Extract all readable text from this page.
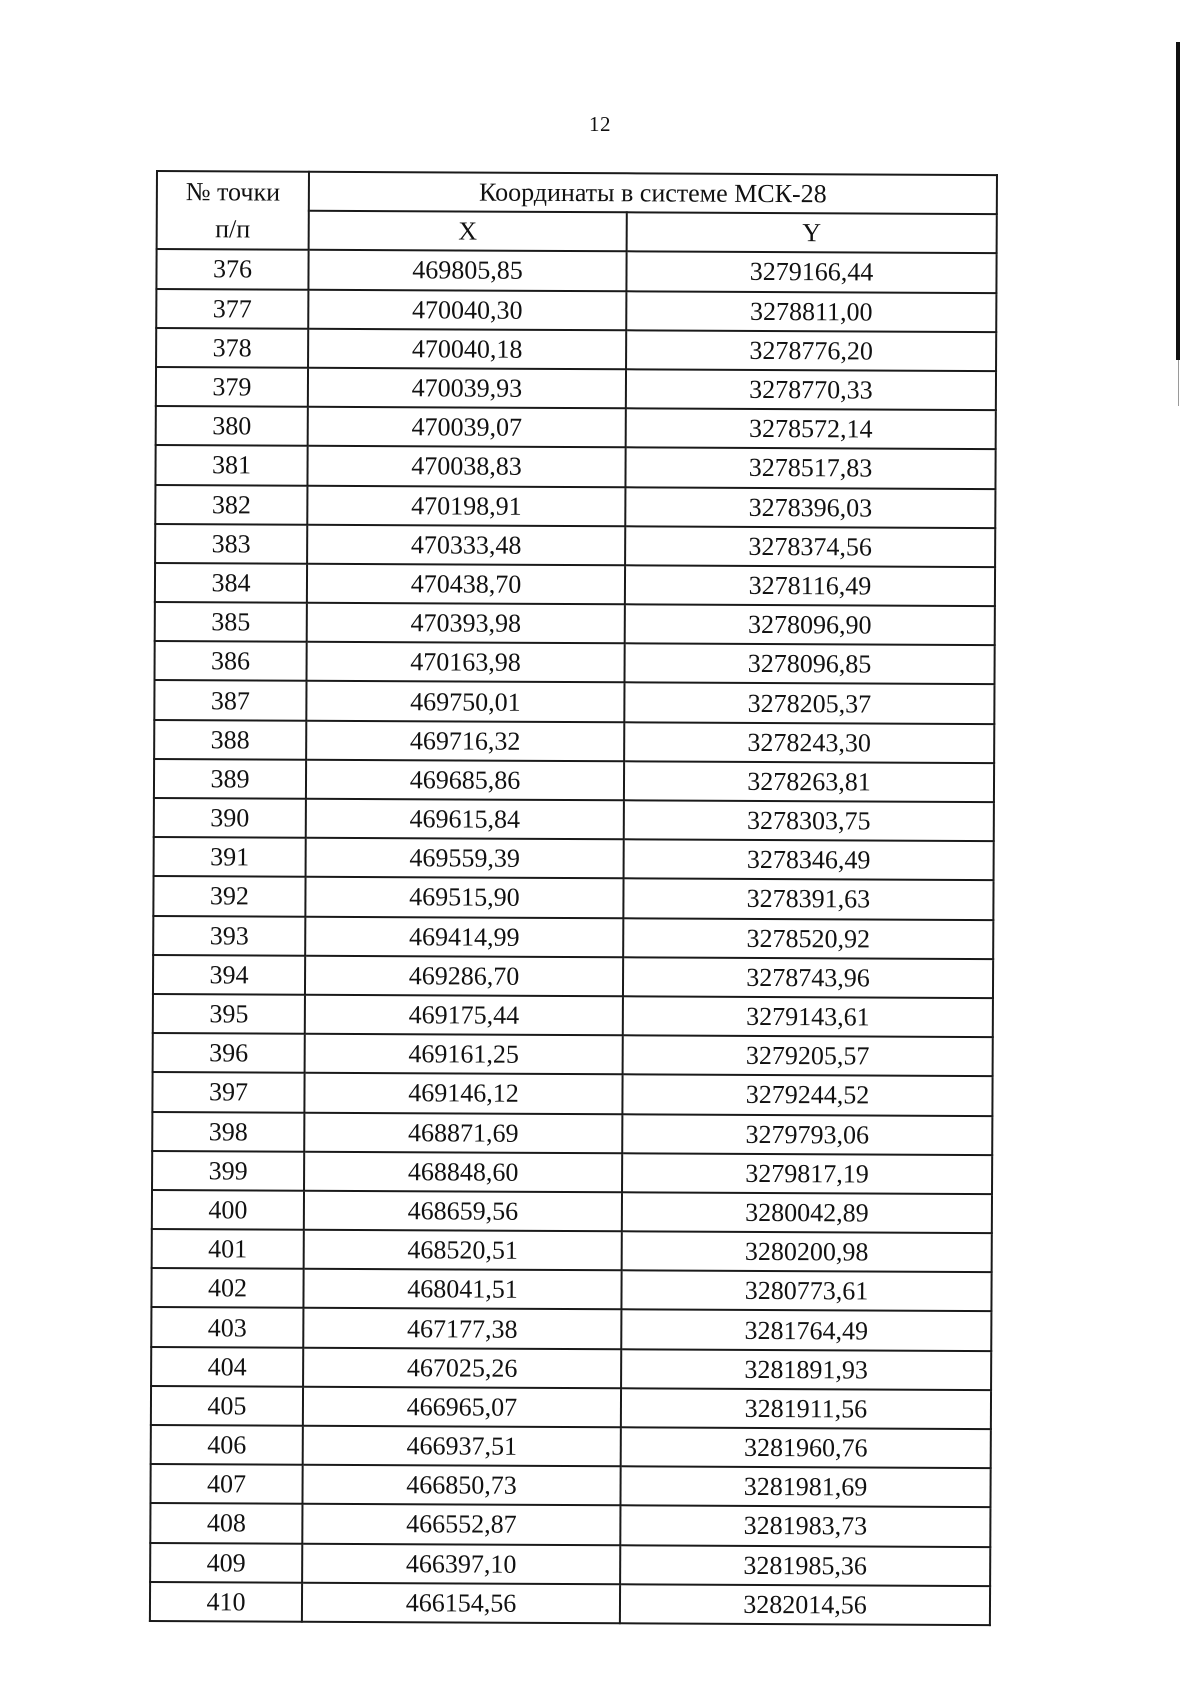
12
№ точки
п/п	Координаты в системе МСК-28	
	X	Y
376	469805,85	3279166,44
377	470040,30	3278811,00
378	470040,18	3278776,20
379	470039,93	3278770,33
380	470039,07	3278572,14
381	470038,83	3278517,83
382	470198,91	3278396,03
383	470333,48	3278374,56
384	470438,70	3278116,49
385	470393,98	3278096,90
386	470163,98	3278096,85
387	469750,01	3278205,37
388	469716,32	3278243,30
389	469685,86	3278263,81
390	469615,84	3278303,75
391	469559,39	3278346,49
392	469515,90	3278391,63
393	469414,99	3278520,92
394	469286,70	3278743,96
395	469175,44	3279143,61
396	469161,25	3279205,57
397	469146,12	3279244,52
398	468871,69	3279793,06
399	468848,60	3279817,19
400	468659,56	3280042,89
401	468520,51	3280200,98
402	468041,51	3280773,61
403	467177,38	3281764,49
404	467025,26	3281891,93
405	466965,07	3281911,56
406	466937,51	3281960,76
407	466850,73	3281981,69
408	466552,87	3281983,73
409	466397,10	3281985,36
410	466154,56	3282014,56
